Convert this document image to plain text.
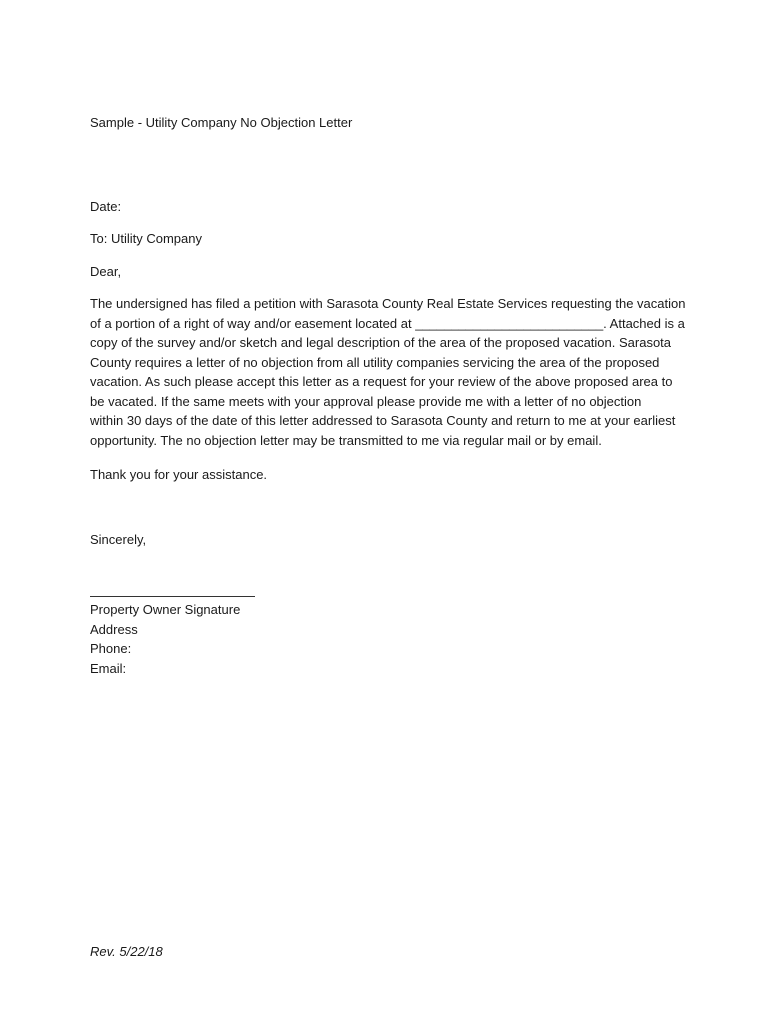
Sample - Utility Company No Objection Letter
Date:
To: Utility Company
Dear,
The undersigned has filed a petition with Sarasota County Real Estate Services requesting the vacation
of a portion of a right of way and/or easement located at __________________________. Attached is a
copy of the survey and/or sketch and legal description of the area of the proposed vacation. Sarasota
County requires a letter of no objection from all utility companies servicing the area of the proposed
vacation. As such please accept this letter as a request for your review of the above proposed area to
be vacated. If the same meets with your approval please provide me with a letter of no objection
within 30 days of the date of this letter addressed to Sarasota County and return to me at your earliest
opportunity. The no objection letter may be transmitted to me via regular mail or by email.
Thank you for your assistance.
Sincerely,
Property Owner Signature
Address
Phone:
Email:
Rev. 5/22/18
